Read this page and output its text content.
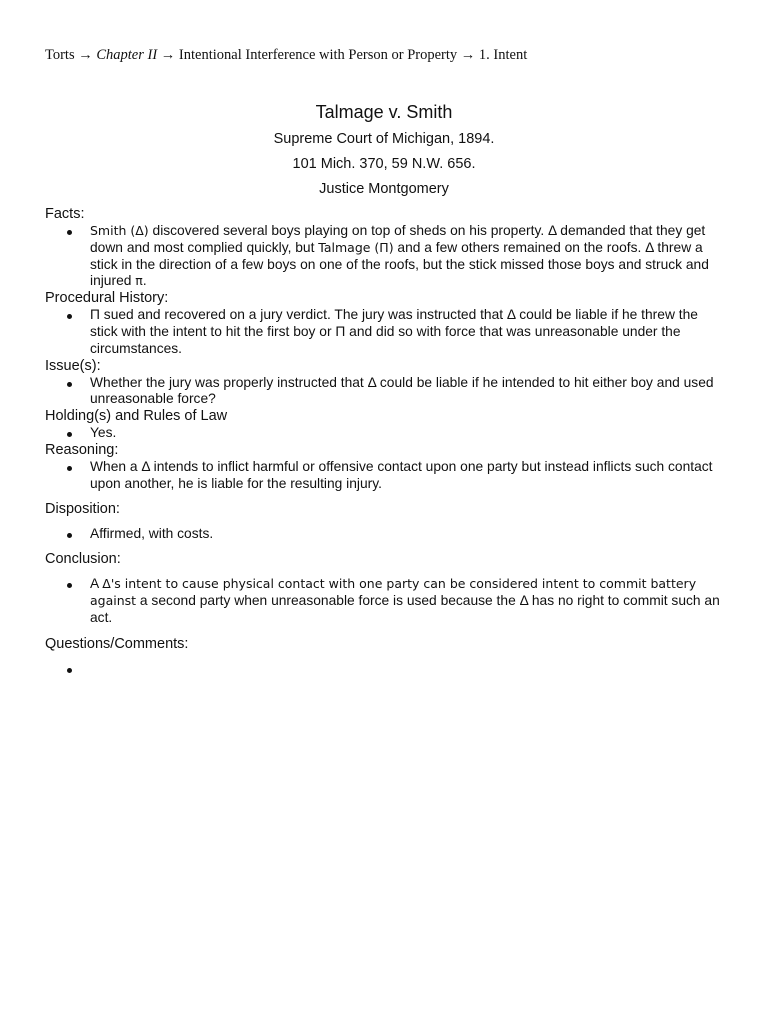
Torts → Chapter II → Intentional Interference with Person or Property → 1. Intent
Talmage v. Smith
Supreme Court of Michigan, 1894.
101 Mich. 370, 59 N.W. 656.
Justice Montgomery
Facts:
Smith (Δ) discovered several boys playing on top of sheds on his property. Δ demanded that they get down and most complied quickly, but Talmage (Π) and a few others remained on the roofs. Δ threw a stick in the direction of a few boys on one of the roofs, but the stick missed those boys and struck and injured π.
Procedural History:
Π sued and recovered on a jury verdict. The jury was instructed that Δ could be liable if he threw the stick with the intent to hit the first boy or Π and did so with force that was unreasonable under the circumstances.
Issue(s):
Whether the jury was properly instructed that Δ could be liable if he intended to hit either boy and used unreasonable force?
Holding(s) and Rules of Law
Yes.
Reasoning:
When a Δ intends to inflict harmful or offensive contact upon one party but instead inflicts such contact upon another, he is liable for the resulting injury.
Disposition:
Affirmed, with costs.
Conclusion:
A Δ's intent to cause physical contact with one party can be considered intent to commit battery against a second party when unreasonable force is used because the Δ has no right to commit such an act.
Questions/Comments:
